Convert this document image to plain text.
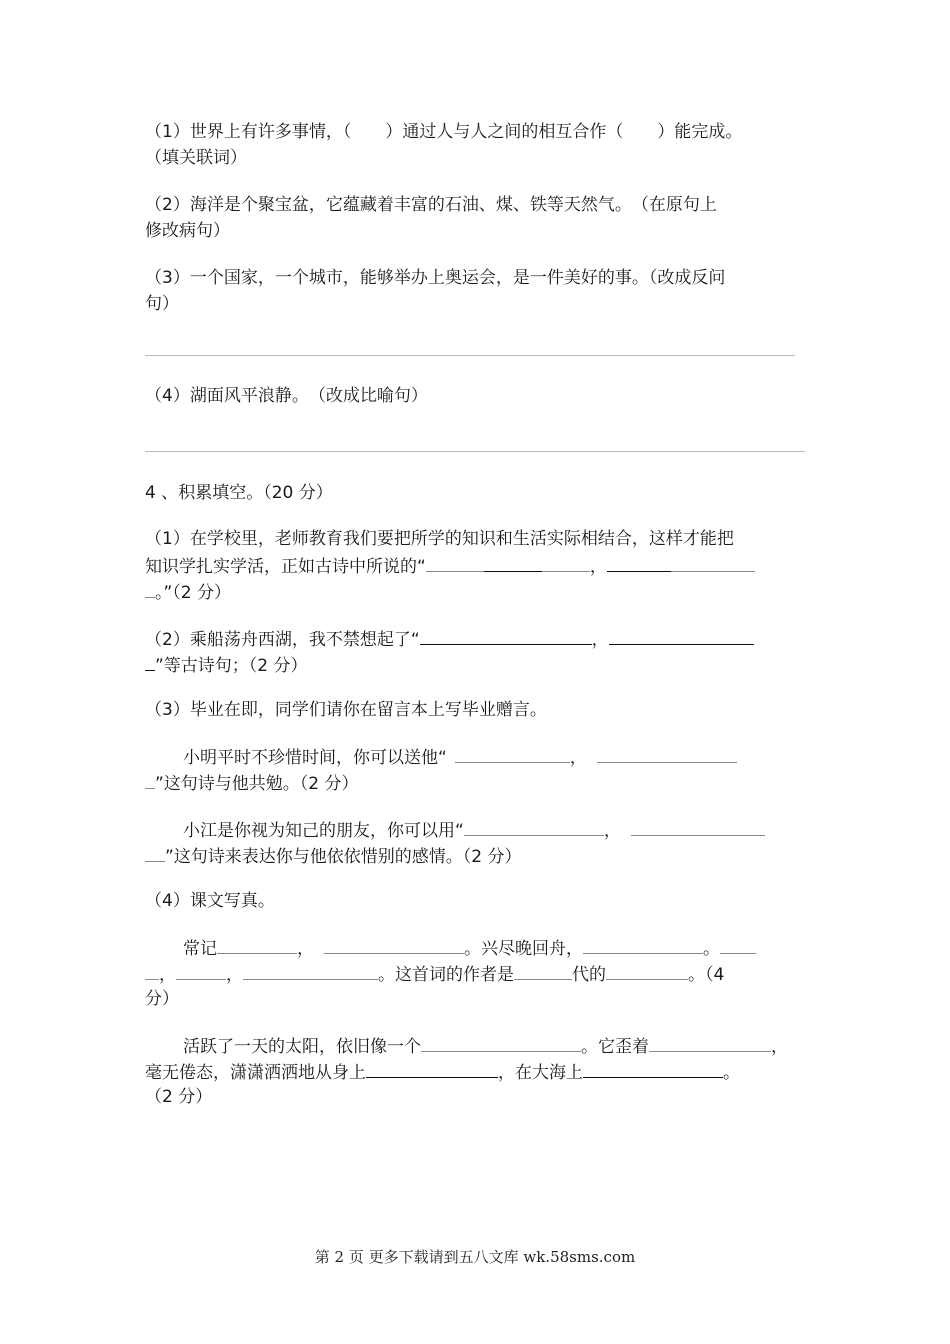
（1）世界上有许多事情，（　　）通过人与人之间的相互合作（　　）能完成。
（填关联词）
（2）海洋是个聚宝盆，它蕴藏着丰富的石油、煤、铁等天然气。　（在原句上
修改病句）
（3）一个国家，一个城市，能够举办上奥运会，是一件美好的事。（改成反问
句）
（4）湖面风平浪静。　（改成比喻句）
4 、积累填空。（20 分）
（1）在学校里，老师教育我们要把所学的知识和生活实际相结合，这样才能把
知识学扎实学活，正如古诗中所说的“	，
。”（2 分）
（2）乘船荡舟西湖，我不禁想起了“	，
”等古诗句；（2 分）
（3）毕业在即，同学们请你在留言本上写毕业赠言。
小明平时不珍惜时间，你可以送他“	，
”这句诗与他共勉。（2 分）
小江是你视为知己的朋友，你可以用“	，
”这句诗来表达你与他依依惜别的感情。（2 分）
（4）课文写真。
常记	，	。兴尽晚回舟，	。
，	，	。这首词的作者是	代的	。（4
分）
活跃了一天的太阳，依旧像一个	。它歪着	，
毫无倦态，潇潇洒洒地从身上	，在大海上	。
（2 分）
第 2 页 更多下载请到五八文库 wk.58sms.com
